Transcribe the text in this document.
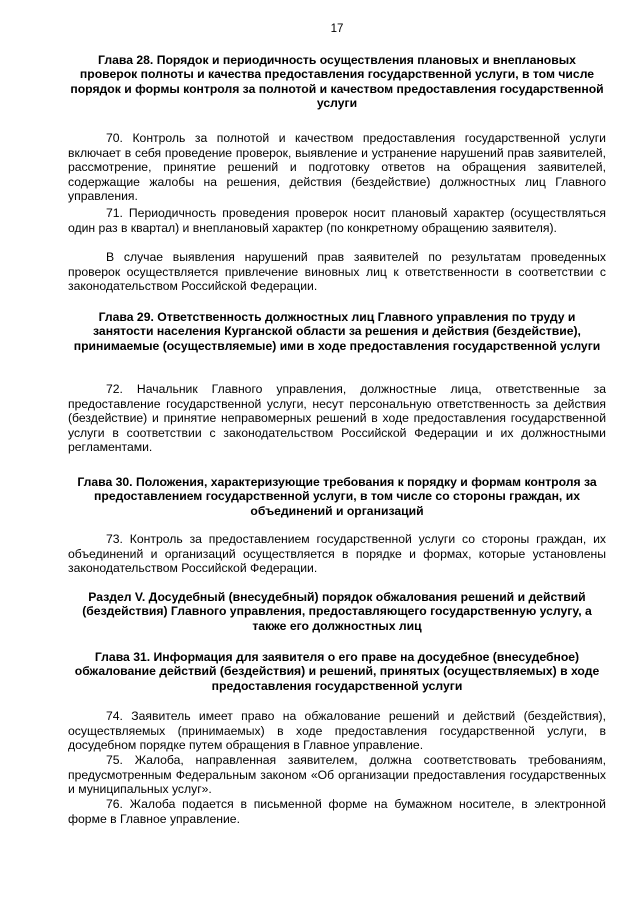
17
Глава 28. Порядок и периодичность осуществления плановых и внеплановых проверок полноты и качества предоставления государственной услуги, в том числе порядок и формы контроля за полнотой и качеством предоставления государственной услуги

70. Контроль за полнотой и качеством предоставления государственной услуги включает в себя проведение проверок, выявление и устранение нарушений прав заявителей, рассмотрение, принятие решений и подготовку ответов на обращения заявителей, содержащие жалобы на решения, действия (бездействие) должностных лиц Главного управления.

71. Периодичность проведения проверок носит плановый характер (осуществляться один раз в квартал) и внеплановый характер (по конкретному обращению заявителя).

В случае выявления нарушений прав заявителей по результатам проведенных проверок осуществляется привлечение виновных лиц к ответственности в соответствии с законодательством Российской Федерации.

Глава 29. Ответственность должностных лиц Главного управления по труду и занятости населения Курганской области за решения и действия (бездействие), принимаемые (осуществляемые) ими в ходе предоставления государственной услуги

72. Начальник Главного управления, должностные лица, ответственные за предоставление государственной услуги, несут персональную ответственность за действия (бездействие) и принятие неправомерных решений в ходе предоставления государственной услуги в соответствии с законодательством Российской Федерации и их должностными регламентами.

Глава 30. Положения, характеризующие требования к порядку и формам контроля за предоставлением государственной услуги, в том числе со стороны граждан, их объединений и организаций

73. Контроль за предоставлением государственной услуги со стороны граждан, их объединений и организаций осуществляется в порядке и формах, которые установлены законодательством Российской Федерации.

Раздел V. Досудебный (внесудебный) порядок обжалования решений и действий (бездействия) Главного управления, предоставляющего государственную услугу, а также его должностных лиц
Глава 31. Информация для заявителя о его праве на досудебное (внесудебное) обжалование действий (бездействия) и решений, принятых (осуществляемых) в ходе предоставления государственной услуги

74. Заявитель имеет право на обжалование решений и действий (бездействия), осуществляемых (принимаемых) в ходе предоставления государственной услуги, в досудебном порядке путем обращения в Главное управление.

75. Жалоба, направленная заявителем, должна соответствовать требованиям, предусмотренным Федеральным законом «Об организации предоставления государственных и муниципальных услуг».

76. Жалоба подается в письменной форме на бумажном носителе, в электронной форме в Главное управление.
